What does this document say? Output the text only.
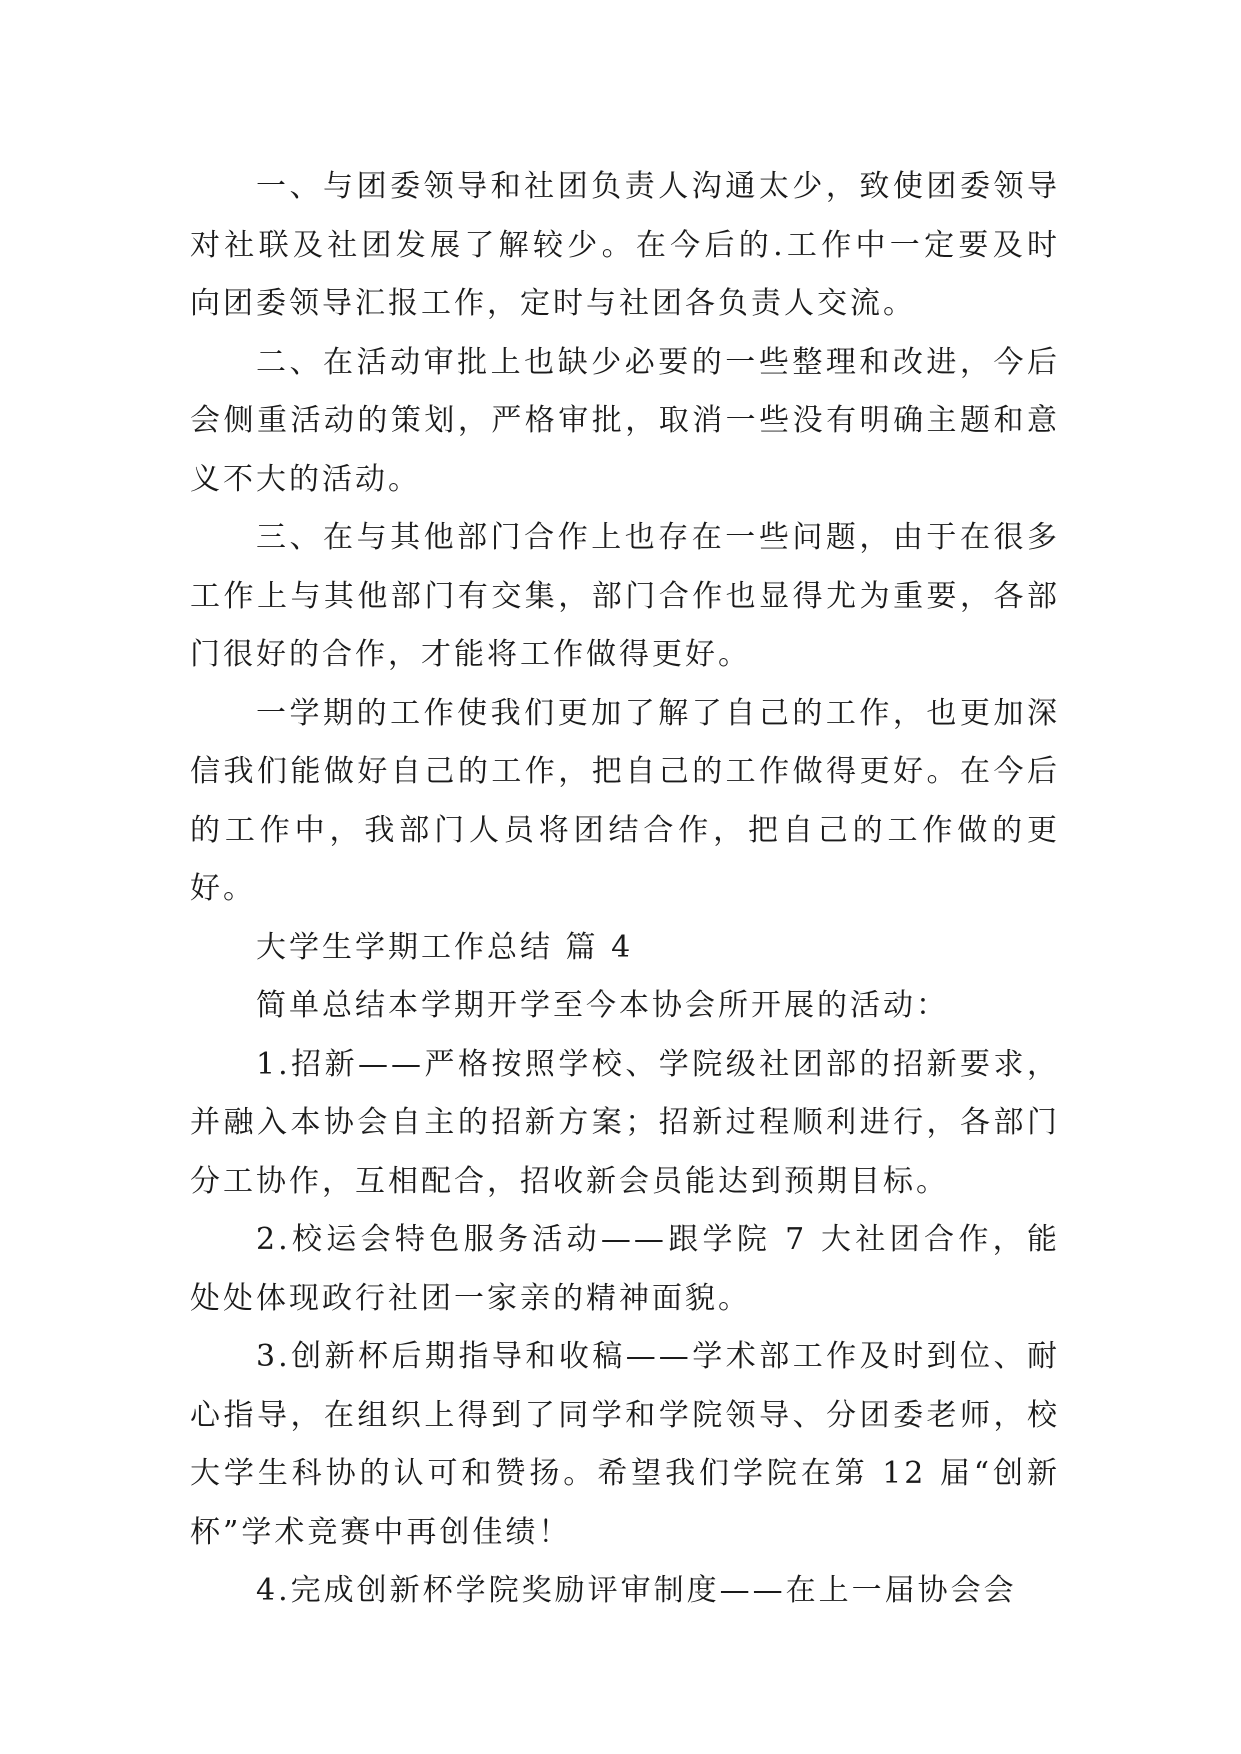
一、与团委领导和社团负责人沟通太少，致使团委领导对社联及社团发展了解较少。在今后的.工作中一定要及时向团委领导汇报工作，定时与社团各负责人交流。

二、在活动审批上也缺少必要的一些整理和改进，今后会侧重活动的策划，严格审批，取消一些没有明确主题和意义不大的活动。

三、在与其他部门合作上也存在一些问题，由于在很多工作上与其他部门有交集，部门合作也显得尤为重要，各部门很好的合作，才能将工作做得更好。

一学期的工作使我们更加了解了自己的工作，也更加深信我们能做好自己的工作，把自己的工作做得更好。在今后的工作中，我部门人员将团结合作，把自己的工作做的更好。

大学生学期工作总结 篇 4

简单总结本学期开学至今本协会所开展的活动：

1.招新——严格按照学校、学院级社团部的招新要求，并融入本协会自主的招新方案；招新过程顺利进行，各部门分工协作，互相配合，招收新会员能达到预期目标。

2.校运会特色服务活动——跟学院 7 大社团合作，能处处体现政行社团一家亲的精神面貌。

3.创新杯后期指导和收稿——学术部工作及时到位、耐心指导，在组织上得到了同学和学院领导、分团委老师，校大学生科协的认可和赞扬。希望我们学院在第 12 届“创新杯”学术竞赛中再创佳绩！

4.完成创新杯学院奖励评审制度——在上一届协会会
